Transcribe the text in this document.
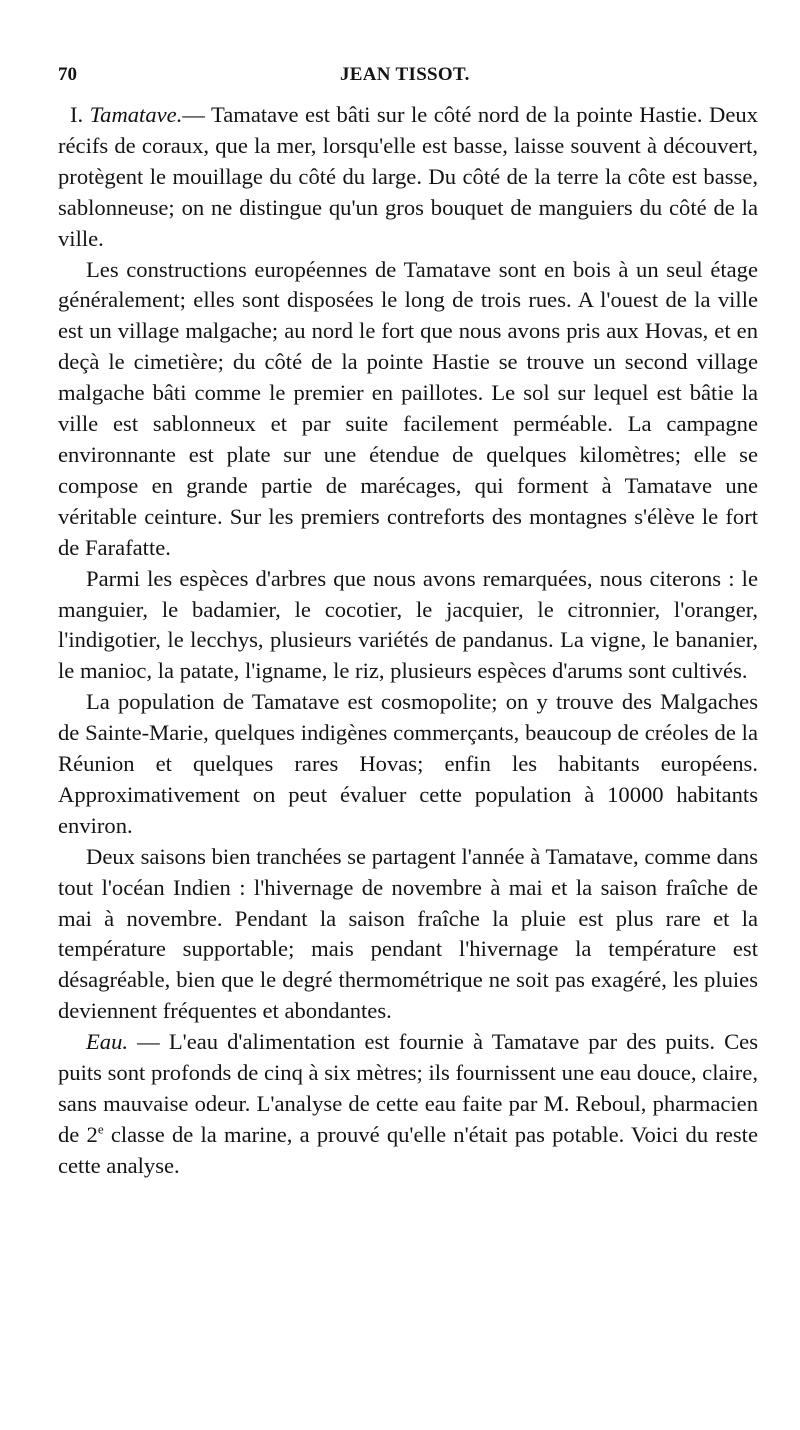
70	JEAN TISSOT.

I. Tamatave.— Tamatave est bâti sur le côté nord de la pointe Hastie. Deux récifs de coraux, que la mer, lorsqu'elle est basse, laisse souvent à découvert, protègent le mouillage du côté du large. Du côté de la terre la côte est basse, sablonneuse; on ne distingue qu'un gros bouquet de manguiers du côté de la ville.

Les constructions européennes de Tamatave sont en bois à un seul étage généralement; elles sont disposées le long de trois rues. A l'ouest de la ville est un village malgache; au nord le fort que nous avons pris aux Hovas, et en deçà le cimetière; du côté de la pointe Hastie se trouve un second village malgache bâti comme le premier en paillotes. Le sol sur lequel est bâtie la ville est sablonneux et par suite facilement perméable. La campagne environnante est plate sur une étendue de quelques kilomètres; elle se compose en grande partie de marécages, qui forment à Tamatave une véritable ceinture. Sur les premiers contreforts des montagnes s'élève le fort de Farafatte.

Parmi les espèces d'arbres que nous avons remarquées, nous citerons : le manguier, le badamier, le cocotier, le jacquier, le citronnier, l'oranger, l'indigotier, le lecchys, plusieurs variétés de pandanus. La vigne, le bananier, le manioc, la patate, l'igname, le riz, plusieurs espèces d'arums sont cultivés.

La population de Tamatave est cosmopolite; on y trouve des Malgaches de Sainte-Marie, quelques indigènes commerçants, beaucoup de créoles de la Réunion et quelques rares Hovas; enfin les habitants européens. Approximativement on peut évaluer cette population à 10000 habitants environ.

Deux saisons bien tranchées se partagent l'année à Tamatave, comme dans tout l'océan Indien : l'hivernage de novembre à mai et la saison fraîche de mai à novembre. Pendant la saison fraîche la pluie est plus rare et la température supportable; mais pendant l'hivernage la température est désagréable, bien que le degré thermométrique ne soit pas exagéré, les pluies deviennent fréquentes et abondantes.

Eau. — L'eau d'alimentation est fournie à Tamatave par des puits. Ces puits sont profonds de cinq à six mètres; ils fournissent une eau douce, claire, sans mauvaise odeur. L'analyse de cette eau faite par M. Reboul, pharmacien de 2e classe de la marine, a prouvé qu'elle n'était pas potable. Voici du reste cette analyse.
